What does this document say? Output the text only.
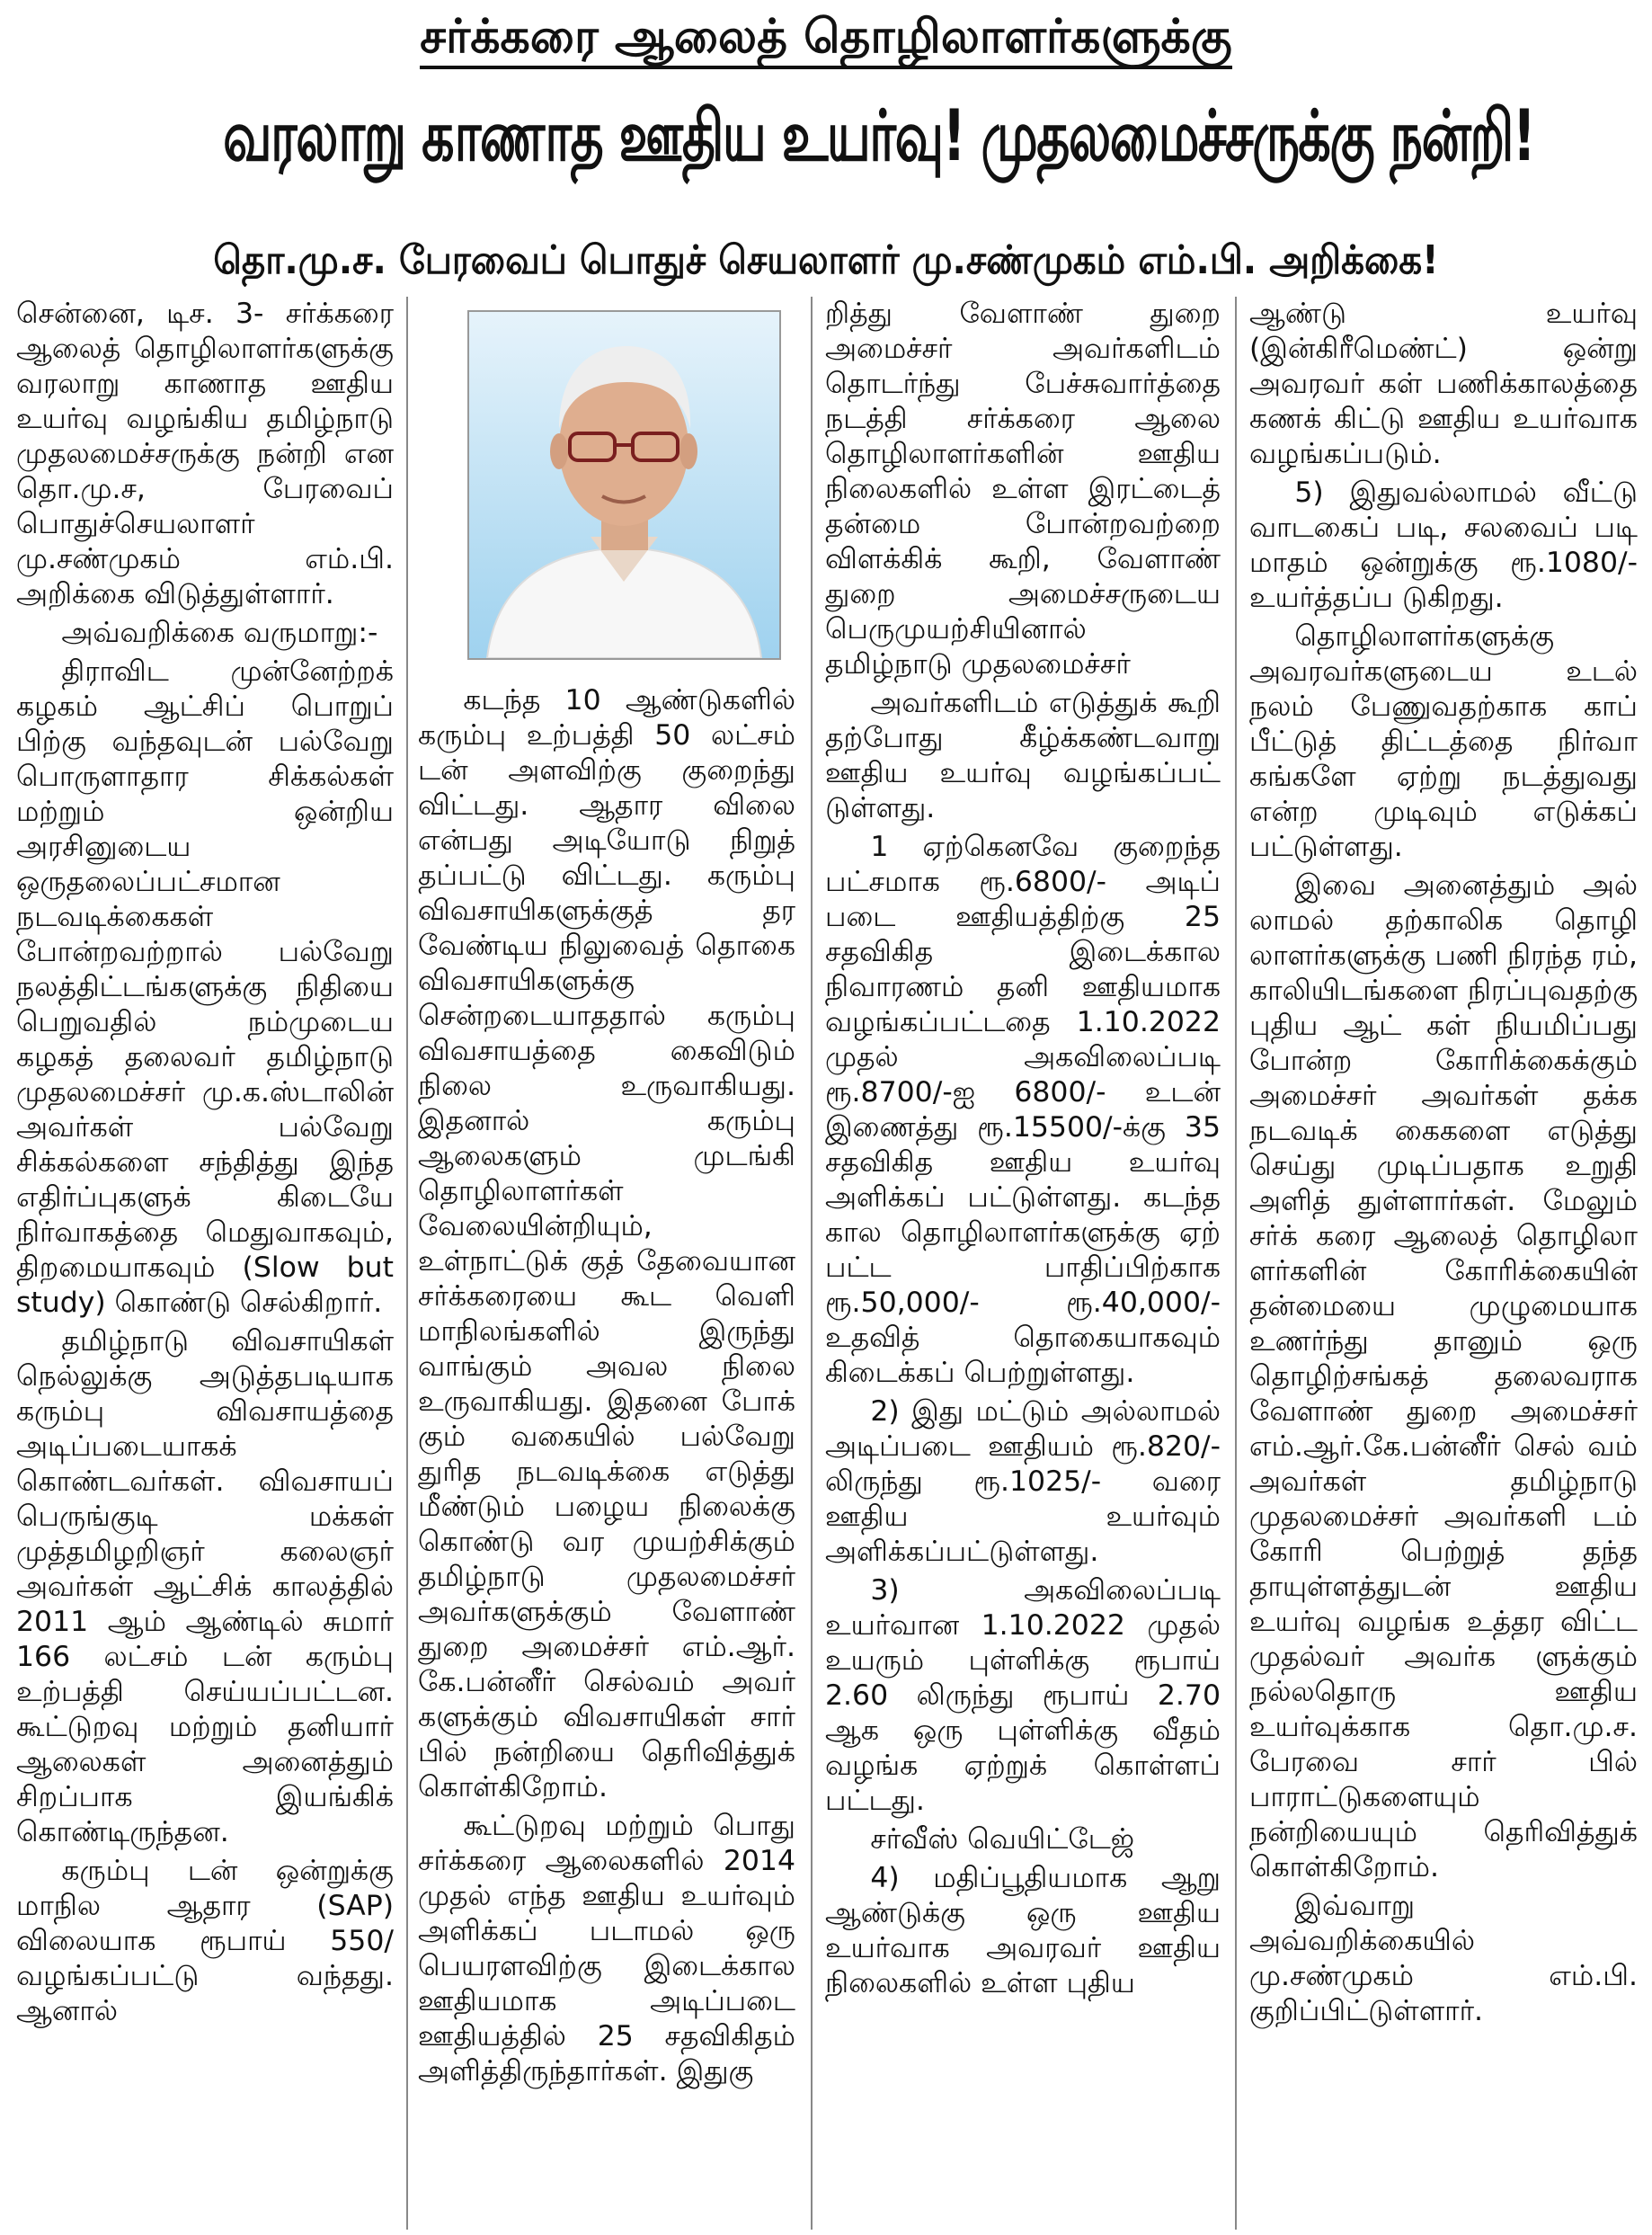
சர்க்கரை ஆலைத் தொழிலாளர்களுக்கு
வரலாறு காணாத ஊதிய உயர்வு! முதலமைச்சருக்கு நன்றி!
தொ.மு.ச. பேரவைப் பொதுச் செயலாளர் மு.சண்முகம் எம்.பி. அறிக்கை!

சென்னை, டிச. 3- சர்க்கரை ஆலைத் தொழிலாளர்களுக்கு வரலாறு காணாத ஊதிய உயர்வு வழங்கிய தமிழ்நாடு முதலமைச்சருக்கு நன்றி என தொ.மு.ச, பேரவைப் பொதுச்செயலாளர் மு.சண்முகம் எம்.பி. அறிக்கை விடுத்துள்ளார்.

அவ்வறிக்கை வருமாறு:-

திராவிட முன்னேற்றக் கழகம் ஆட்சிப் பொறுப் பிற்கு வந்தவுடன் பல்வேறு பொருளாதார சிக்கல்கள் மற்றும் ஒன்றிய அரசினுடைய ஒருதலைப்பட்சமான நடவடிக்கைகள் போன்றவற்றால் பல்வேறு நலத்திட்டங்களுக்கு நிதியை பெறுவதில் நம்முடைய கழகத் தலைவர் தமிழ்நாடு முதலமைச்சர் மு.க.ஸ்டாலின் அவர்கள் பல்வேறு சிக்கல்களை சந்தித்து இந்த எதிர்ப்புகளுக் கிடையே நிர்வாகத்தை மெதுவாகவும், திறமையாகவும் (Slow but study) கொண்டு செல்கிறார்.

தமிழ்நாடு விவசாயிகள் நெல்லுக்கு அடுத்தபடியாக கரும்பு விவசாயத்தை அடிப்படையாகக் கொண்டவர்கள். விவசாயப் பெருங்குடி மக்கள் முத்தமிழறிஞர் கலைஞர் அவர்கள் ஆட்சிக் காலத்தில் 2011 ஆம் ஆண்டில் சுமார் 166 லட்சம் டன் கரும்பு உற்பத்தி செய்யப்பட்டன. கூட்டுறவு மற்றும் தனியார் ஆலைகள் அனைத்தும் சிறப்பாக இயங்கிக் கொண்டிருந்தன.

கரும்பு டன் ஒன்றுக்கு மாநில ஆதார (SAP) விலையாக ரூபாய் 550/ வழங்கப்பட்டு வந்தது. ஆனால்

கடந்த 10 ஆண்டுகளில் கரும்பு உற்பத்தி 50 லட்சம் டன் அளவிற்கு குறைந்து விட்டது. ஆதார விலை என்பது அடியோடு நிறுத் தப்பட்டு விட்டது. கரும்பு விவசாயிகளுக்குத் தர வேண்டிய நிலுவைத் தொகை விவசாயிகளுக்கு சென்றடையாததால் கரும்பு விவசாயத்தை கைவிடும் நிலை உருவாகியது. இதனால் கரும்பு ஆலைகளும் முடங்கி தொழிலாளர்கள் வேலையின்றியும், உள்நாட்டுக் குத் தேவையான சர்க்கரையை கூட வெளி மாநிலங்களில் இருந்து வாங்கும் அவல நிலை உருவாகியது. இதனை போக் கும் வகையில் பல்வேறு துரித நடவடிக்கை எடுத்து மீண்டும் பழைய நிலைக்கு கொண்டு வர முயற்சிக்கும் தமிழ்நாடு முதலமைச்சர் அவர்களுக்கும் வேளாண் துறை அமைச்சர் எம்.ஆர். கே.பன்னீர் செல்வம் அவர் களுக்கும் விவசாயிகள் சார் பில் நன்றியை தெரிவித்துக் கொள்கிறோம்.

கூட்டுறவு மற்றும் பொது சர்க்கரை ஆலைகளில் 2014 முதல் எந்த ஊதிய உயர்வும் அளிக்கப் படாமல் ஒரு பெயரளவிற்கு இடைக்கால ஊதியமாக அடிப்படை ஊதியத்தில் 25 சதவிகிதம் அளித்திருந்தார்கள். இதுகு

றித்து வேளாண் துறை அமைச்சர் அவர்களிடம் தொடர்ந்து பேச்சுவார்த்தை நடத்தி சர்க்கரை ஆலை தொழிலாளர்களின் ஊதிய நிலைகளில் உள்ள இரட்டைத் தன்மை போன்றவற்றை விளக்கிக் கூறி, வேளாண் துறை அமைச்சருடைய பெருமுயற்சியினால் தமிழ்நாடு முதலமைச்சர்

அவர்களிடம் எடுத்துக் கூறி தற்போது கீழ்க்கண்டவாறு ஊதிய உயர்வு வழங்கப்பட் டுள்ளது.

1 ஏற்கெனவே குறைந்த பட்சமாக ரூ.6800/- அடிப் படை ஊதியத்திற்கு 25 சதவிகித இடைக்கால நிவாரணம் தனி ஊதியமாக வழங்கப்பட்டதை 1.10.2022 முதல் அகவிலைப்படி ரூ.8700/-ஐ 6800/- உடன் இணைத்து ரூ.15500/-க்கு 35 சதவிகித ஊதிய உயர்வு அளிக்கப் பட்டுள்ளது. கடந்த கால தொழிலாளர்களுக்கு ஏற் பட்ட பாதிப்பிற்காக ரூ.50,000/- ரூ.40,000/- உதவித் தொகையாகவும் கிடைக்கப் பெற்றுள்ளது.

2) இது மட்டும் அல்லாமல் அடிப்படை ஊதியம் ரூ.820/-லிருந்து ரூ.1025/- வரை ஊதிய உயர்வும் அளிக்கப்பட்டுள்ளது.

3) அகவிலைப்படி உயர்வான 1.10.2022 முதல் உயரும் புள்ளிக்கு ரூபாய் 2.60 லிருந்து ரூபாய் 2.70 ஆக ஒரு புள்ளிக்கு வீதம் வழங்க ஏற்றுக் கொள்ளப் பட்டது.

சர்வீஸ் வெயிட்டேஜ்

4) மதிப்பூதியமாக ஆறு ஆண்டுக்கு ஒரு ஊதிய உயர்வாக அவரவர் ஊதிய நிலைகளில் உள்ள புதிய

ஆண்டு உயர்வு (இன்கிரீமெண்ட்) ஒன்று அவரவர் கள் பணிக்காலத்தை கணக் கிட்டு ஊதிய உயர்வாக வழங்கப்படும்.

5) இதுவல்லாமல் வீட்டு வாடகைப் படி, சலவைப் படி மாதம் ஒன்றுக்கு ரூ.1080/- உயர்த்தப்ப டுகிறது.

தொழிலாளர்களுக்கு அவரவர்களுடைய உடல் நலம் பேணுவதற்காக காப் பீட்டுத் திட்டத்தை நிர்வா கங்களே ஏற்று நடத்துவது என்ற முடிவும் எடுக்கப் பட்டுள்ளது.

இவை அனைத்தும் அல் லாமல் தற்காலிக தொழி லாளர்களுக்கு பணி நிரந்த ரம், காலியிடங்களை நிரப்புவதற்கு புதிய ஆட் கள் நியமிப்பது போன்ற கோரிக்கைக்கும் அமைச்சர் அவர்கள் தக்க நடவடிக் கைகளை எடுத்து செய்து முடிப்பதாக உறுதி அளித் துள்ளார்கள். மேலும் சர்க் கரை ஆலைத் தொழிலா ளர்களின் கோரிக்கையின் தன்மையை முழுமையாக உணர்ந்து தானும் ஒரு தொழிற்சங்கத் தலைவராக வேளாண் துறை அமைச்சர் எம்.ஆர்.கே.பன்னீர் செல் வம் அவர்கள் தமிழ்நாடு முதலமைச்சர் அவர்களி டம் கோரி பெற்றுத் தந்த தாயுள்ளத்துடன் ஊதிய உயர்வு வழங்க உத்தர விட்ட முதல்வர் அவர்க ளுக்கும் நல்லதொரு ஊதிய உயர்வுக்காக தொ.மு.ச. பேரவை சார் பில் பாராட்டுகளையும் நன்றியையும் தெரிவித்துக் கொள்கிறோம்.

இவ்வாறு அவ்வறிக்கையில் மு.சண்முகம் எம்.பி. குறிப்பிட்டுள்ளார்.
